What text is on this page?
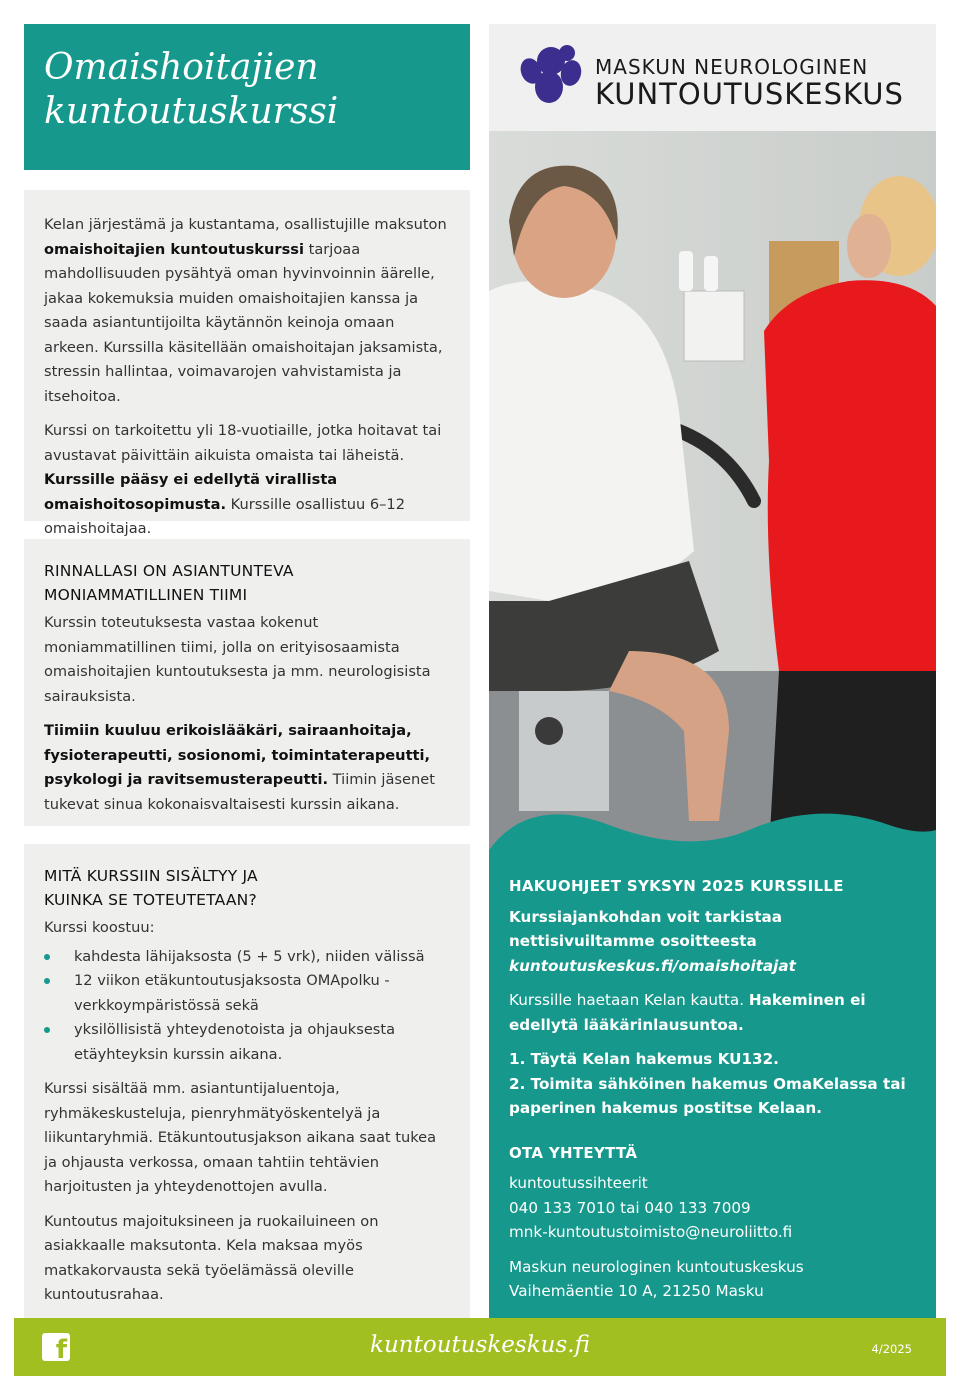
Omaishoitajien
kuntoutuskurssi

Kelan järjestämä ja kustantama, osallistujille maksuton omaishoitajien kuntoutuskurssi tarjoaa mahdollisuuden pysähtyä oman hyvinvoinnin äärelle, jakaa kokemuksia muiden omaishoitajien kanssa ja saada asiantuntijoilta käytännön keinoja omaan arkeen. Kurssilla käsitellään omaishoitajan jaksamista, stressin hallintaa, voimavarojen vahvistamista ja itsehoitoa.

Kurssi on tarkoitettu yli 18-vuotiaille, jotka hoitavat tai avustavat päivittäin aikuista omaista tai läheistä. Kurssille pääsy ei edellytä virallista omaishoitosopimusta. Kurssille osallistuu 6–12 omaishoitajaa.

RINNALLASI ON ASIANTUNTEVA
MONIAMMATILLINEN TIIMI

Kurssin toteutuksesta vastaa kokenut moniammatillinen tiimi, jolla on erityisosaamista omaishoitajien kuntoutuksesta ja mm. neurologisista sairauksista.

Tiimiin kuuluu erikoislääkäri, sairaanhoitaja, fysioterapeutti, sosionomi, toimintaterapeutti, psykologi ja ravitsemusterapeutti. Tiimin jäsenet tukevat sinua kokonaisvaltaisesti kurssin aikana.

MITÄ KURSSIIN SISÄLTYY JA
KUINKA SE TOTEUTETAAN?

Kurssi koostuu:

kahdesta lähijaksosta (5 + 5 vrk), niiden välissä
12 viikon etäkuntoutusjaksosta OMApolku -verkkoympäristössä sekä
yksilöllisistä yhteydenotoista ja ohjauksesta etäyhteyksin kurssin aikana.

Kurssi sisältää mm. asiantuntijaluentoja, ryhmäkeskusteluja, pienryhmätyöskentelyä ja liikuntaryhmiä. Etäkuntoutusjakson aikana saat tukea ja ohjausta verkossa, omaan tahtiin tehtävien harjoitusten ja yhteydenottojen avulla.

Kuntoutus majoituksineen ja ruokailuineen on asiakkaalle maksutonta. Kela maksaa myös matkakorvausta sekä työelämässä oleville kuntoutusrahaa.

MASKUN NEUROLOGINEN
KUNTOUTUSKESKUS
HAKUOHJEET SYKSYN 2025 KURSSILLE

Kurssiajankohdan voit tarkistaa nettisivuiltamme osoitteesta kuntoutuskeskus.fi/omaishoitajat

Kurssille haetaan Kelan kautta. Hakeminen ei edellytä lääkärinlausuntoa.

1. Täytä Kelan hakemus KU132.
2. Toimita sähköinen hakemus OmaKelassa tai paperinen hakemus postitse Kelaan.

OTA YHTEYTTÄ

kuntoutussihteerit
040 133 7010 tai 040 133 7009
mnk-kuntoutustoimisto@neuroliitto.fi

Maskun neurologinen kuntoutuskeskus
Vaihemäentie 10 A, 21250 Masku

f	kuntoutuskeskus.fi	4/2025
